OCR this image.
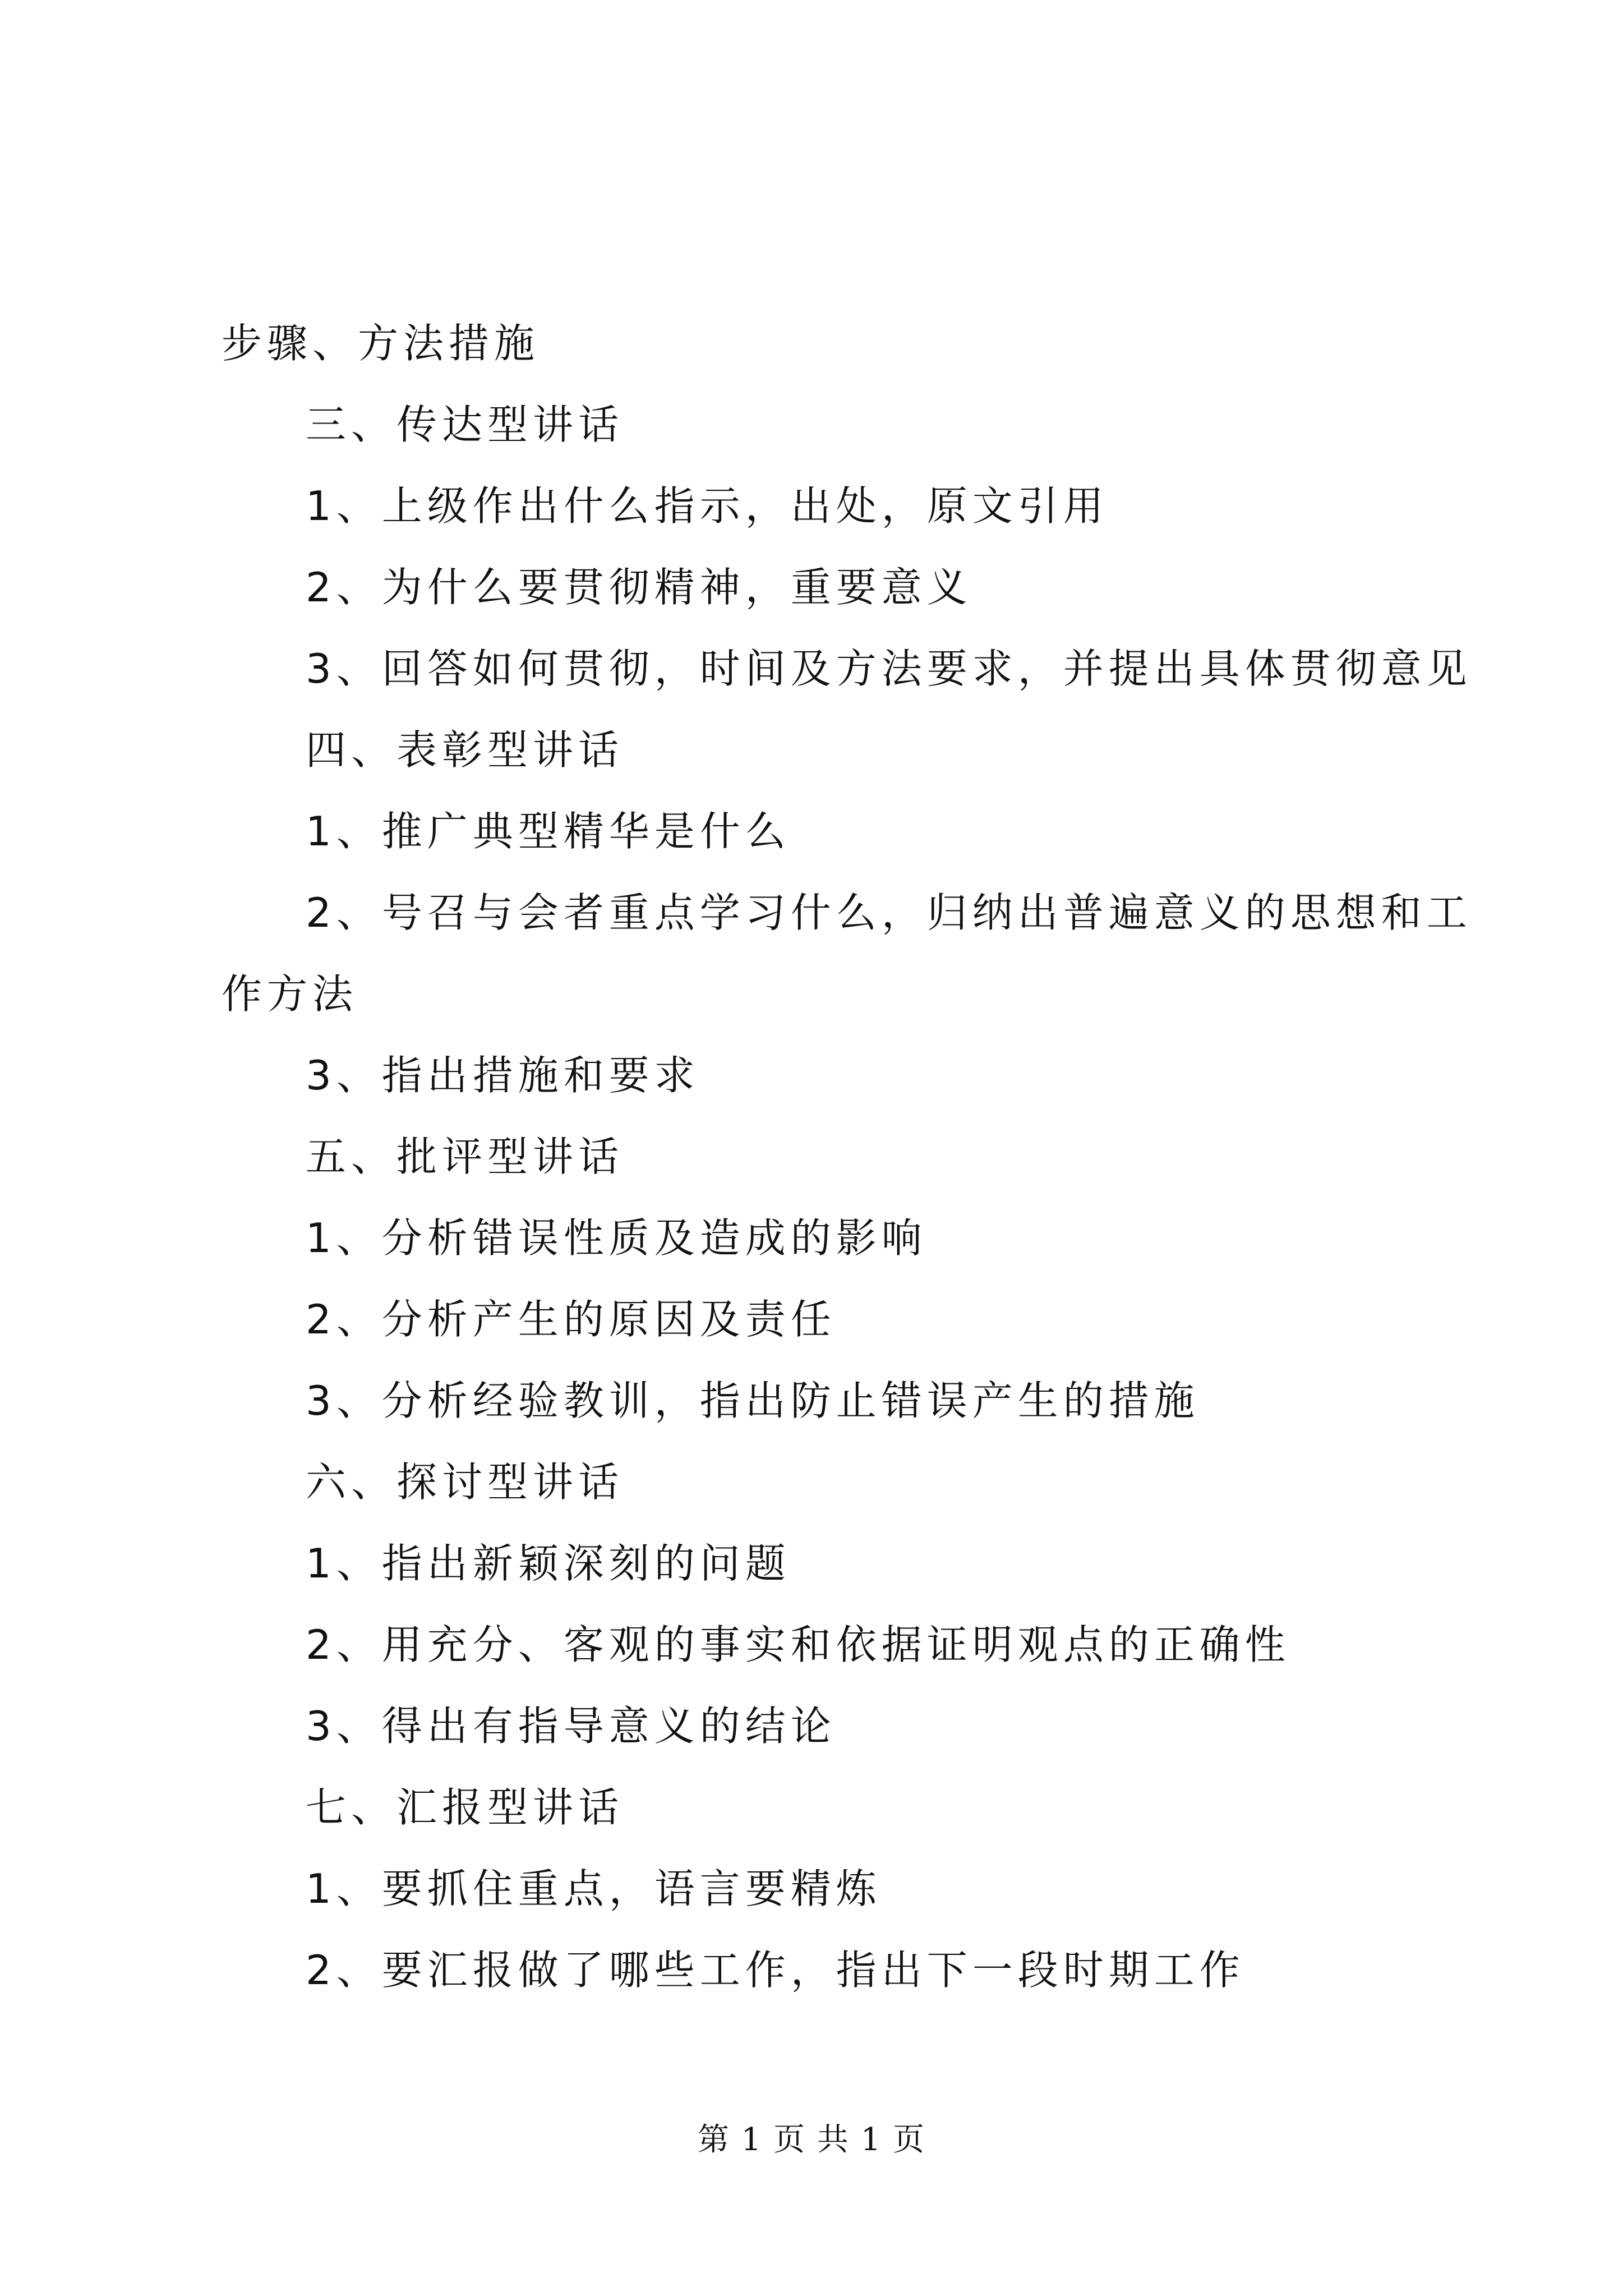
步骤、方法措施
三、传达型讲话
1、上级作出什么指示，出处，原文引用
2、为什么要贯彻精神，重要意义
3、回答如何贯彻，时间及方法要求，并提出具体贯彻意见
四、表彰型讲话
1、推广典型精华是什么
2、号召与会者重点学习什么，归纳出普遍意义的思想和工
作方法
3、指出措施和要求
五、批评型讲话
1、分析错误性质及造成的影响
2、分析产生的原因及责任
3、分析经验教训，指出防止错误产生的措施
六、探讨型讲话
1、指出新颖深刻的问题
2、用充分、客观的事实和依据证明观点的正确性
3、得出有指导意义的结论
七、汇报型讲话
1、要抓住重点，语言要精炼
2、要汇报做了哪些工作，指出下一段时期工作
第 1 页 共 1 页
